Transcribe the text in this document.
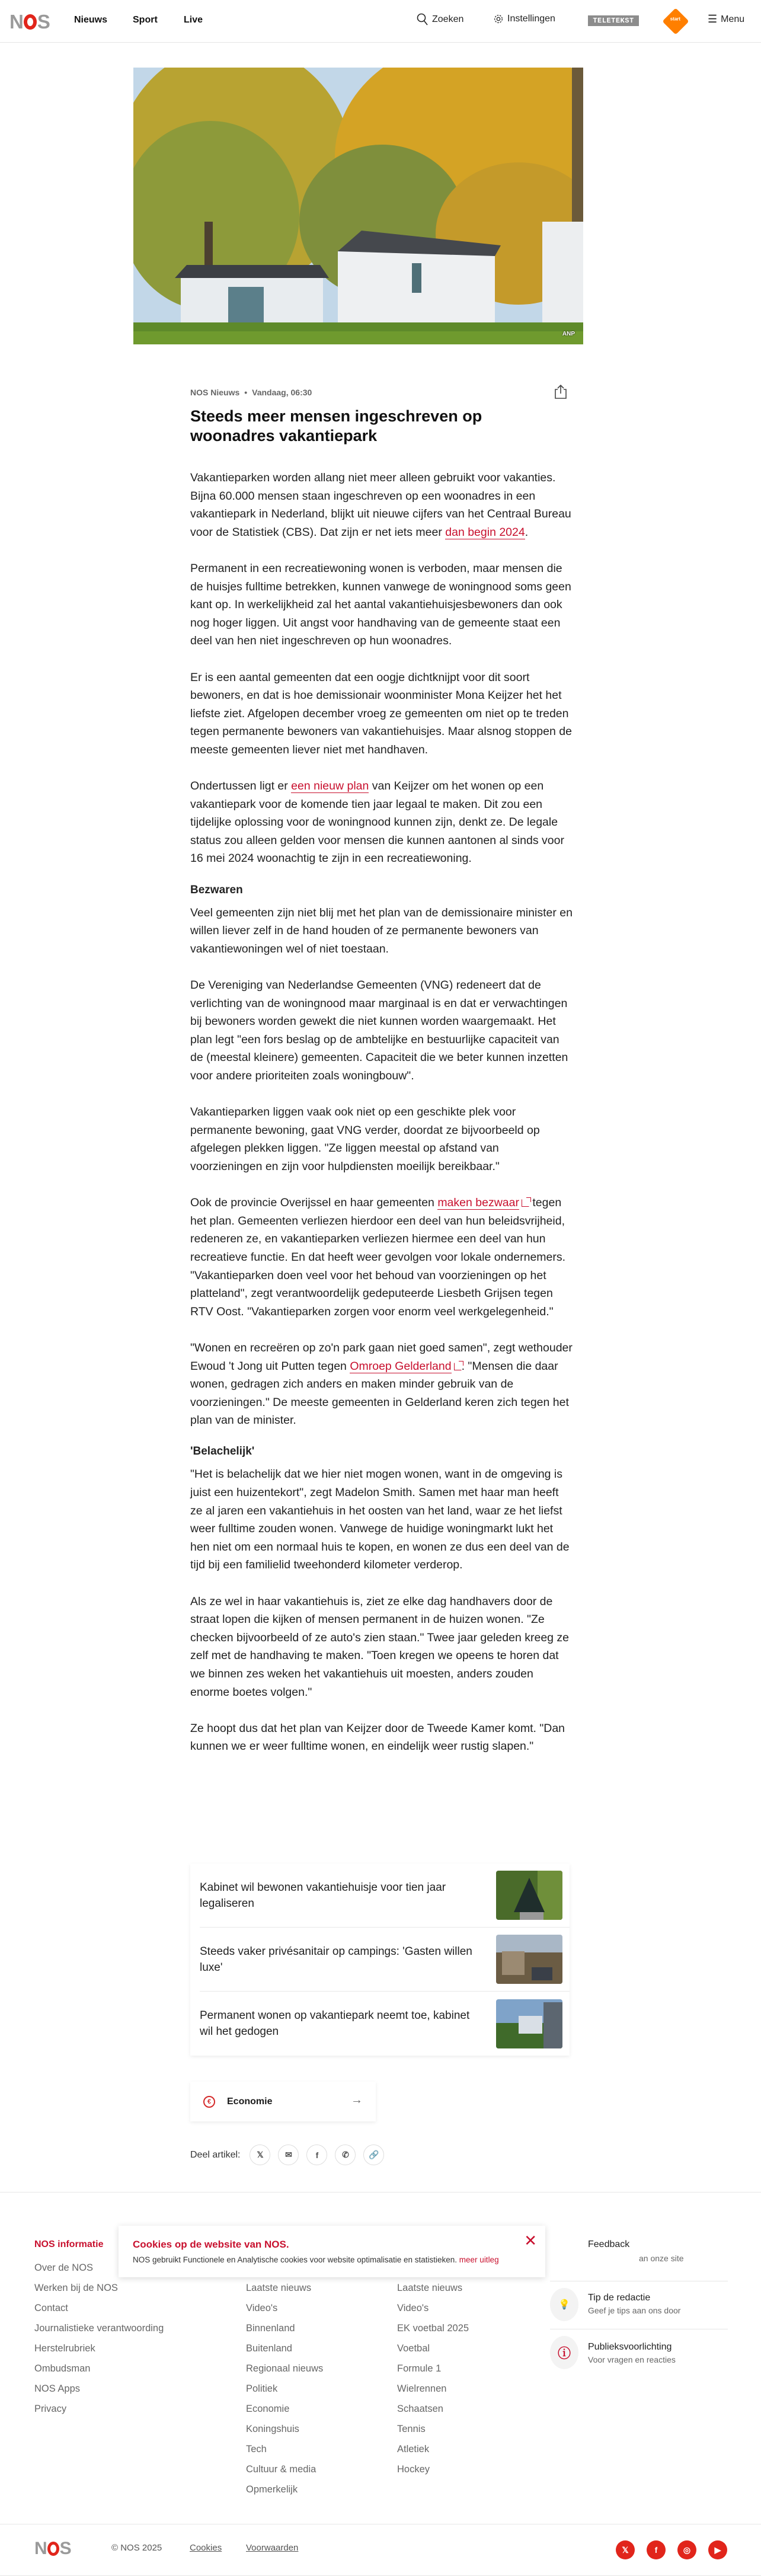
N S	Nieuws	Sport	Live	Zoeken	Instellingen	TELETEKST	start	☰ Menu
ANP
NOS Nieuws • Vandaag, 06:30
Steeds meer mensen ingeschreven op woonadres vakantiepark

Vakantieparken worden allang niet meer alleen gebruikt voor vakanties. Bijna 60.000 mensen staan ingeschreven op een woonadres in een vakantiepark in Nederland, blijkt uit nieuwe cijfers van het Centraal Bureau voor de Statistiek (CBS). Dat zijn er net iets meer dan begin 2024.

Permanent in een recreatiewoning wonen is verboden, maar mensen die de huisjes fulltime betrekken, kunnen vanwege de woningnood soms geen kant op. In werkelijkheid zal het aantal vakantiehuisjesbewoners dan ook nog hoger liggen. Uit angst voor handhaving van de gemeente staat een deel van hen niet ingeschreven op hun woonadres.

Er is een aantal gemeenten dat een oogje dichtknijpt voor dit soort bewoners, en dat is hoe demissionair woonminister Mona Keijzer het het liefste ziet. Afgelopen december vroeg ze gemeenten om niet op te treden tegen permanente bewoners van vakantiehuisjes. Maar alsnog stoppen de meeste gemeenten liever niet met handhaven.

Ondertussen ligt er een nieuw plan van Keijzer om het wonen op een vakantiepark voor de komende tien jaar legaal te maken. Dit zou een tijdelijke oplossing voor de woningnood kunnen zijn, denkt ze. De legale status zou alleen gelden voor mensen die kunnen aantonen al sinds voor 16 mei 2024 woonachtig te zijn in een recreatiewoning.

Bezwaren

Veel gemeenten zijn niet blij met het plan van de demissionaire minister en willen liever zelf in de hand houden of ze permanente bewoners van vakantiewoningen wel of niet toestaan.

De Vereniging van Nederlandse Gemeenten (VNG) redeneert dat de verlichting van de woningnood maar marginaal is en dat er verwachtingen bij bewoners worden gewekt die niet kunnen worden waargemaakt. Het plan legt "een fors beslag op de ambtelijke en bestuurlijke capaciteit van de (meestal kleinere) gemeenten. Capaciteit die we beter kunnen inzetten voor andere prioriteiten zoals woningbouw".

Vakantieparken liggen vaak ook niet op een geschikte plek voor permanente bewoning, gaat VNG verder, doordat ze bijvoorbeeld op afgelegen plekken liggen. "Ze liggen meestal op afstand van voorzieningen en zijn voor hulpdiensten moeilijk bereikbaar."

Ook de provincie Overijssel en haar gemeenten maken bezwaar tegen het plan. Gemeenten verliezen hierdoor een deel van hun beleidsvrijheid, redeneren ze, en vakantieparken verliezen hiermee een deel van hun recreatieve functie. En dat heeft weer gevolgen voor lokale ondernemers. "Vakantieparken doen veel voor het behoud van voorzieningen op het platteland", zegt verantwoordelijk gedeputeerde Liesbeth Grijsen tegen RTV Oost. "Vakantieparken zorgen voor enorm veel werkgelegenheid."

"Wonen en recreëren op zo'n park gaan niet goed samen", zegt wethouder Ewoud 't Jong uit Putten tegen Omroep Gelderland . "Mensen die daar wonen, gedragen zich anders en maken minder gebruik van de voorzieningen." De meeste gemeenten in Gelderland keren zich tegen het plan van de minister.

'Belachelijk'

"Het is belachelijk dat we hier niet mogen wonen, want in de omgeving is juist een huizentekort", zegt Madelon Smith. Samen met haar man heeft ze al jaren een vakantiehuis in het oosten van het land, waar ze het liefst weer fulltime zouden wonen. Vanwege de huidige woningmarkt lukt het hen niet om een normaal huis te kopen, en wonen ze dus een deel van de tijd bij een familielid tweehonderd kilometer verderop.

Als ze wel in haar vakantiehuis is, ziet ze elke dag handhavers door de straat lopen die kijken of mensen permanent in de huizen wonen. "Ze checken bijvoorbeeld of ze auto's zien staan." Twee jaar geleden kreeg ze zelf met de handhaving te maken. "Toen kregen we opeens te horen dat we binnen zes weken het vakantiehuis uit moesten, anders zouden enorme boetes volgen."

Ze hoopt dus dat het plan van Keijzer door de Tweede Kamer komt. "Dan kunnen we er weer fulltime wonen, en eindelijk weer rustig slapen."

Kabinet wil bewonen vakantiehuisje voor tien jaar legaliseren
Steeds vaker privésanitair op campings: 'Gasten willen luxe'
Permanent wonen op vakantiepark neemt toe, kabinet wil het gedogen
€	Economie	→
Deel artikel: 𝕏	✉	f	✆ 🔗
NOS informatie
Over de NOS
Werken bij de NOS
Contact
Journalistieke verantwoording
Herstelrubriek
Ombudsman
NOS Apps
Privacy
Laatste nieuws
Video's
Binnenland
Buitenland
Regionaal nieuws
Politiek
Economie
Koningshuis
Tech
Cultuur & media
Opmerkelijk
Laatste nieuws
Video's
EK voetbal 2025
Voetbal
Formule 1
Wielrennen
Schaatsen
Tennis
Atletiek
Hockey
Feedback
an onze site
💡
Tip de redactie
Geef je tips aan ons door
ⓘ	Publieksvoorlichting
Voor vragen en reacties
Cookies op de website van NOS.
NOS gebruikt Functionele en Analytische cookies voor website optimalisatie en statistieken. meer uitleg
✕
N S	© NOS 2025	Cookies	Voorwaarden	𝕏	f	◎	▶
